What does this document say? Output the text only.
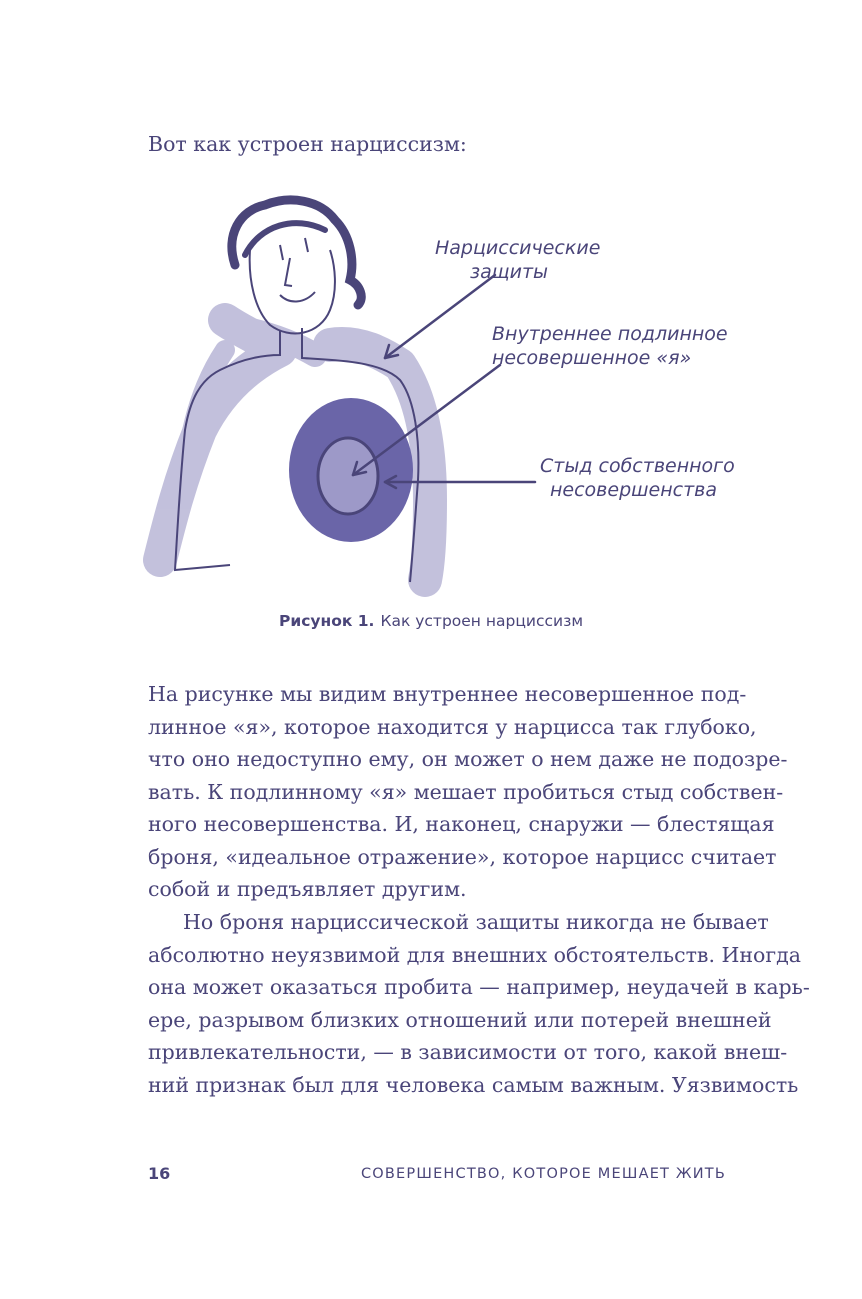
Вот как устроен нарциссизм:
Нарциссические
защиты
Внутреннее подлинное
несовершенное «я»
Стыд собственного
несовершенства
Рисунок 1. Как устроен нарциссизм
На рисунке мы видим внутреннее несовершенное под-
линное «я», которое находится у нарцисса так глубоко,
что оно недоступно ему, он может о нем даже не подозре-
вать. К подлинному «я» мешает пробиться стыд собствен-
ного несовершенства. И, наконец, снаружи — блестящая
броня, «идеальное отражение», которое нарцисс считает
собой и предъявляет другим.
Но броня нарциссической защиты никогда не бывает
абсолютно неуязвимой для внешних обстоятельств. Иногда
она может оказаться пробита — например, неудачей в карь-
ере, разрывом близких отношений или потерей внешней
привлекательности, — в зависимости от того, какой внеш-
ний признак был для человека самым важным. Уязвимость
16	СОВЕРШЕНСТВО, КОТОРОЕ МЕШАЕТ ЖИТЬ
